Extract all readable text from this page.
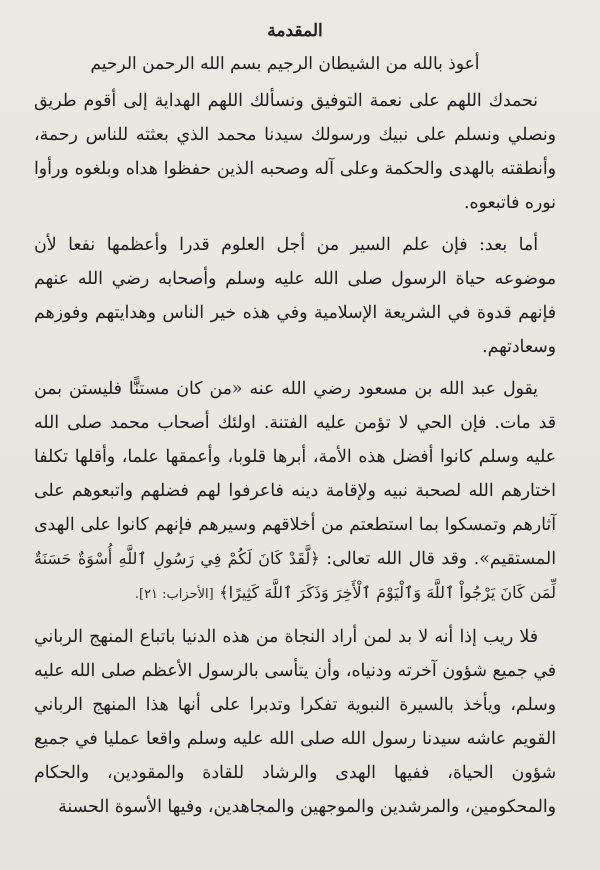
المقدمة
أعوذ بالله من الشيطان الرجيم بسم الله الرحمن الرحيم

نحمدك اللهم على نعمة التوفيق ونسألك اللهم الهداية إلى أقوم طريق ونصلي ونسلم على نبيك ورسولك سيدنا محمد الذي بعثته للناس رحمة، وأنطقته بالهدى والحكمة وعلى آله وصحبه الذين حفظوا هداه وبلغوه ورأوا نوره فاتبعوه.

أما بعد: فإن علم السير من أجل العلوم قدرا وأعظمها نفعا لأن موضوعه حياة الرسول صلى الله عليه وسلم وأصحابه رضي الله عنهم فإنهم قدوة في الشريعة الإسلامية وفي هذه خير الناس وهدايتهم وفوزهم وسعادتهم.

يقول عبد الله بن مسعود رضي الله عنه «من كان مستنًّا فليستن بمن قد مات. فإن الحي لا تؤمن عليه الفتنة. اولئك أصحاب محمد صلى الله عليه وسلم كانوا أفضل هذه الأمة، أبرها قلوبا، وأعمقها علما، وأقلها تكلفا اختارهم الله لصحبة نبيه ولإقامة دينه فاعرفوا لهم فضلهم واتبعوهم على آثارهم وتمسكوا بما استطعتم من أخلاقهم وسيرهم فإنهم كانوا على الهدى المستقيم». وقد قال الله تعالى: ﴿لَّقَدْ كَانَ لَكُمْ فِي رَسُولِ ٱللَّهِ أُسْوَةٌ حَسَنَةٌ لِّمَن كَانَ يَرْجُواْ ٱللَّهَ وَٱلْيَوْمَ ٱلْأَخِرَ وَذَكَرَ ٱللَّهَ كَثِيرًا﴾ [الأحزاب: ٢١].

فلا ريب إذا أنه لا بد لمن أراد النجاة من هذه الدنيا باتباع المنهج الرباني في جميع شؤون آخرته ودنياه، وأن يتأسى بالرسول الأعظم صلى الله عليه وسلم، ويأخذ بالسيرة النبوية تفكرا وتدبرا على أنها هذا المنهج الرباني القويم عاشه سيدنا رسول الله صلى الله عليه وسلم واقعا عمليا في جميع شؤون الحياة، ففيها الهدى والرشاد للقادة والمقودين، والحكام والمحكومين، والمرشدين والموجهين والمجاهدين، وفيها الأسوة الحسنة
